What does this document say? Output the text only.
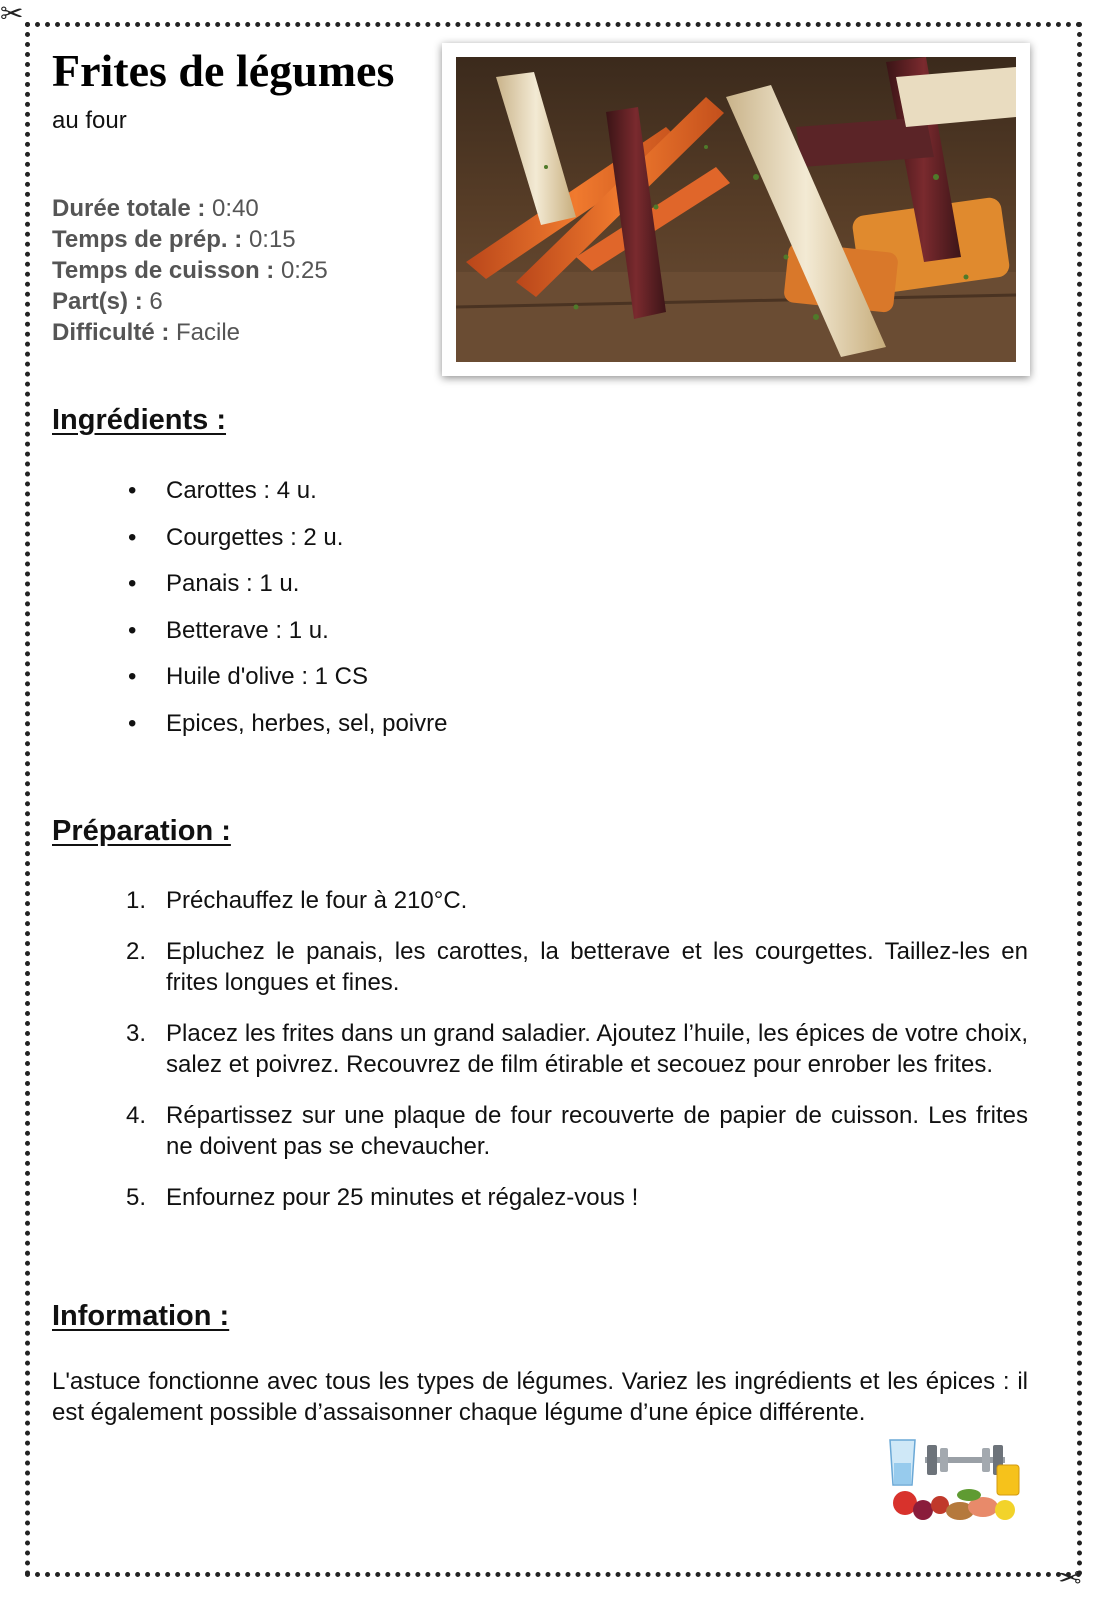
✂
✂
Frites de légumes
au four
Durée totale : 0:40
Temps de prép. : 0:15
Temps de cuisson : 0:25
Part(s) : 6
Difficulté : Facile
Ingrédients :
• Carottes : 4 u.
• Courgettes : 2 u.
• Panais : 1 u.
• Betterave : 1 u.
• Huile d'olive : 1 CS
• Epices, herbes, sel, poivre
Préparation :
1. Préchauffez le four à 210°C.
2. Epluchez le panais, les carottes, la betterave et les courgettes. Taillez-les en frites longues et fines.
3. Placez les frites dans un grand saladier. Ajoutez l’huile, les épices de votre choix, salez et poivrez. Recouvrez de film étirable et secouez pour enrober les frites.
4. Répartissez sur une plaque de four recouverte de papier de cuisson. Les frites ne doivent pas se chevaucher.
5. Enfournez pour 25 minutes et régalez-vous !
Information :
L'astuce fonctionne avec tous les types de légumes. Variez les ingrédients et les épices : il est également possible d’assaisonner chaque légume d’une épice différente.
